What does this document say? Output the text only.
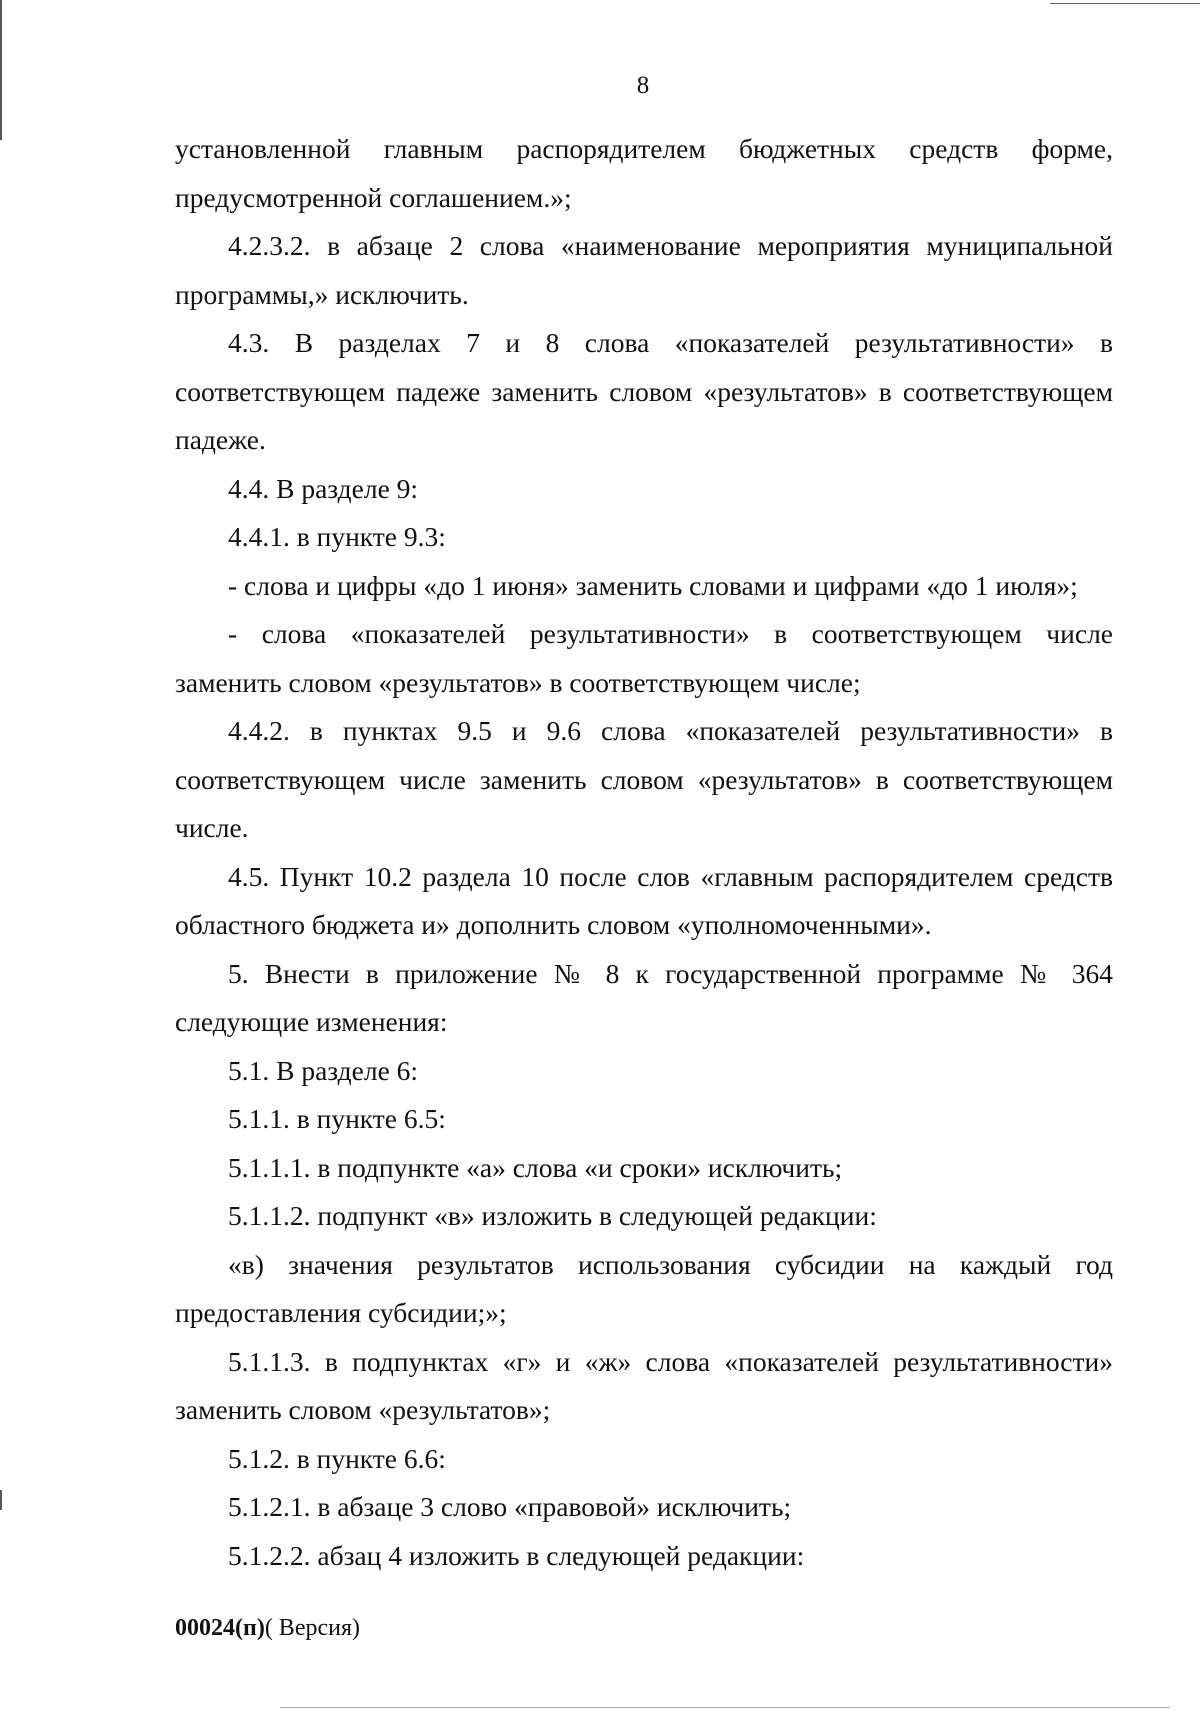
8

установленной главным распорядителем бюджетных средств форме, предусмотренной соглашением.»;

4.2.3.2. в абзаце 2 слова «наименование мероприятия муниципальной программы,» исключить.

4.3. В разделах 7 и 8 слова «показателей результативности» в соответствующем падеже заменить словом «результатов» в соответствующем падеже.

4.4. В разделе 9:

4.4.1. в пункте 9.3:

- слова и цифры «до 1 июня» заменить словами и цифрами «до 1 июля»;

- слова «показателей результативности» в соответствующем числе заменить словом «результатов» в соответствующем числе;

4.4.2. в пунктах 9.5 и 9.6 слова «показателей результативности» в соответствующем числе заменить словом «результатов» в соответствующем числе.

4.5. Пункт 10.2 раздела 10 после слов «главным распорядителем средств областного бюджета и» дополнить словом «уполномоченными».

5. Внести в приложение № 8 к государственной программе № 364 следующие изменения:

5.1. В разделе 6:

5.1.1. в пункте 6.5:

5.1.1.1. в подпункте «а» слова «и сроки» исключить;

5.1.1.2. подпункт «в» изложить в следующей редакции:

«в) значения результатов использования субсидии на каждый год предоставления субсидии;»;

5.1.1.3. в подпунктах «г» и «ж» слова «показателей результативности» заменить словом «результатов»;

5.1.2. в пункте 6.6:

5.1.2.1. в абзаце 3 слово «правовой» исключить;

5.1.2.2. абзац 4 изложить в следующей редакции:

00024(п)( Версия)
